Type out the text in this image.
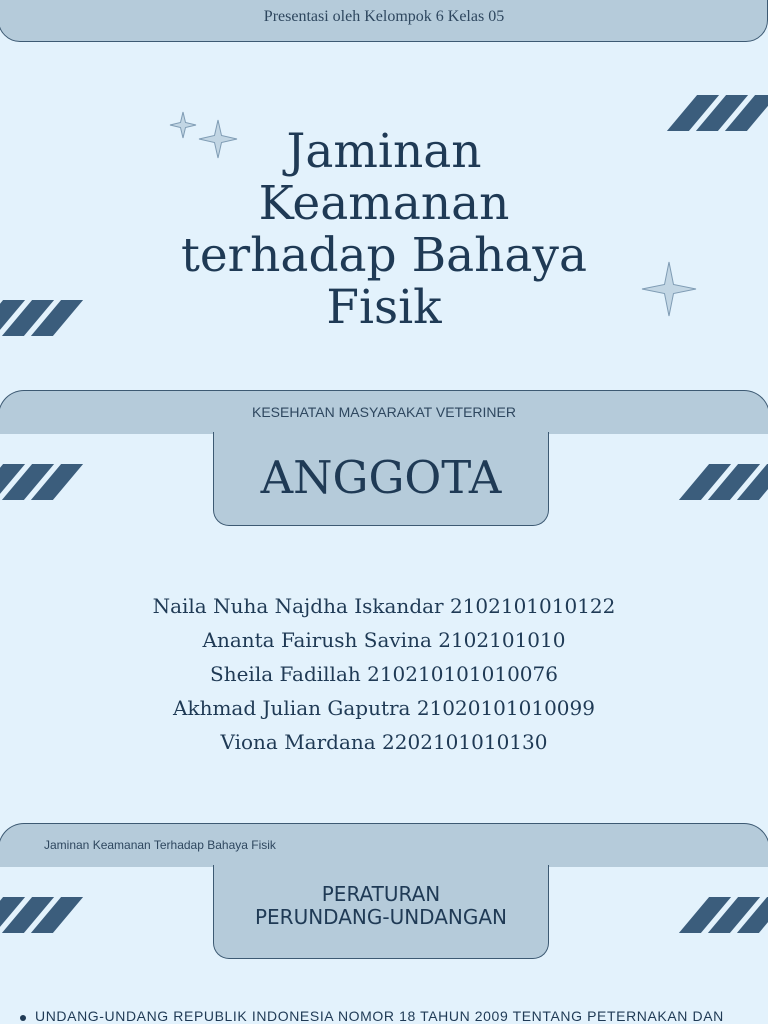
Presentasi oleh Kelompok 6 Kelas 05
Jaminan
Keamanan
terhadap Bahaya
Fisik
KESEHATAN MASYARAKAT VETERINER
ANGGOTA
Naila Nuha Najdha Iskandar 2102101010122
Ananta Fairush Savina 2102101010
Sheila Fadillah 210210101010076
Akhmad Julian Gaputra 21020101010099
Viona Mardana 2202101010130
Jaminan Keamanan Terhadap Bahaya Fisik
PERATURAN
PERUNDANG-UNDANGAN
UNDANG-UNDANG REPUBLIK INDONESIA NOMOR 18 TAHUN 2009 TENTANG PETERNAKAN DAN
